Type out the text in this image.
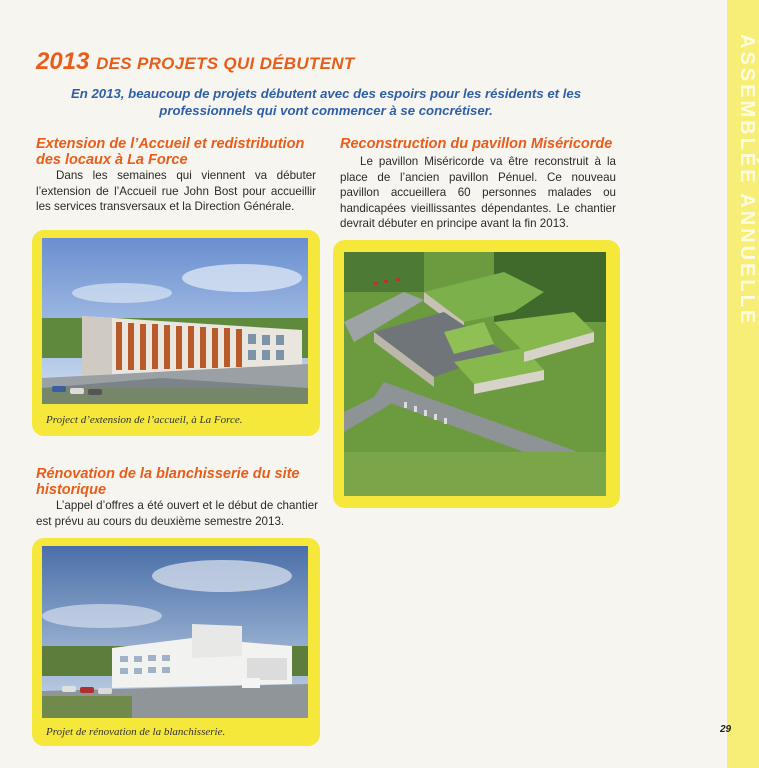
ASSEMBLÉE ANNUELLE
2013 DES PROJETS QUI DÉBUTENT
En 2013, beaucoup de projets débutent avec des espoirs pour les résidents et les professionnels qui vont commencer à se concrétiser.
Extension de l’Accueil et redistribution des locaux à La Force
Dans les semaines qui viennent va débuter l’extension de l’Accueil rue John Bost pour accueillir les services transversaux et la Direction Générale.
Project d’extension de l’accueil, à La Force.
Rénovation de la blanchisserie du site historique
L’appel d’offres a été ouvert et le début de chantier est prévu au cours du deuxième semestre 2013.
Projet de rénovation de la blanchisserie.
Reconstruction du pavillon Miséricorde
Le pavillon Miséricorde va être reconstruit à la place de l’ancien pavillon Pénuel. Ce nouveau pavillon accueillera 60 personnes malades ou handicapées vieillissantes dépendantes. Le chantier devrait débuter en principe avant la fin 2013.
29
